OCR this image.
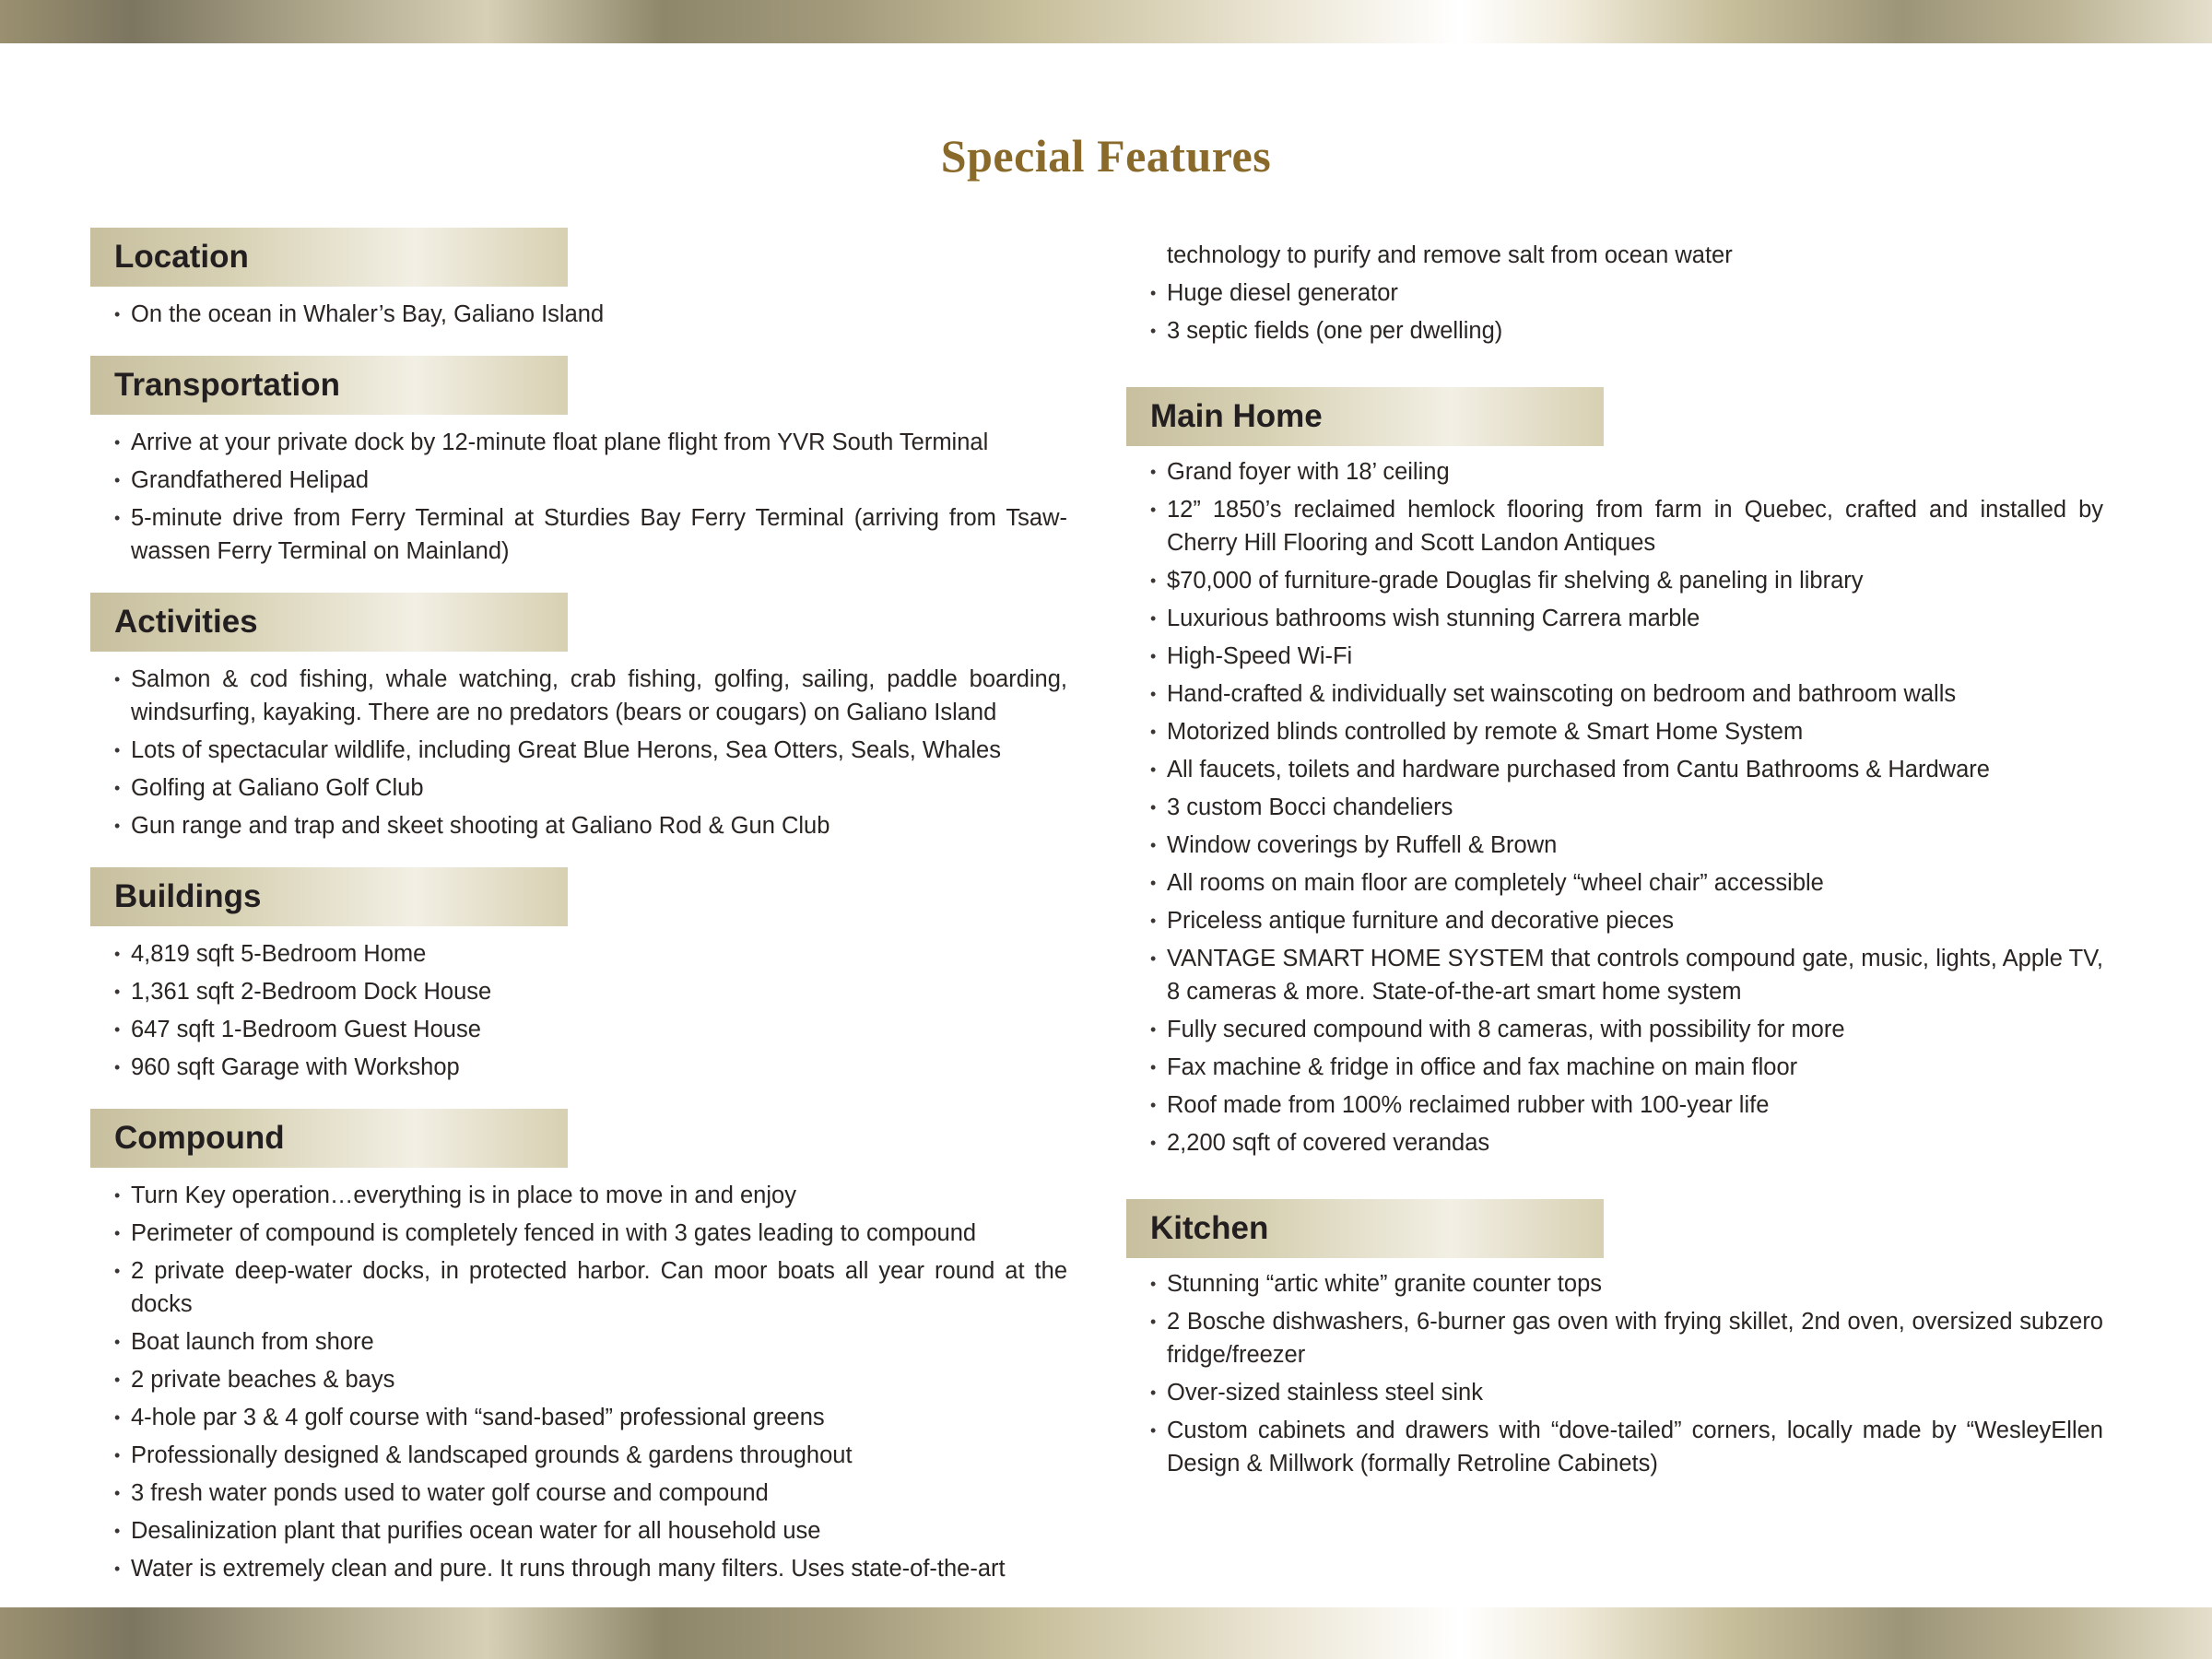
Special Features
Location
• On the ocean in Whaler’s Bay, Galiano Island
Transportation
• Arrive at your private dock by 12-minute float plane flight from YVR South Terminal
• Grandfathered Helipad
• 5-minute drive from Ferry Terminal at Sturdies Bay Ferry Terminal (arriving from Tsaw-wassen Ferry Terminal on Mainland)
Activities
• Salmon & cod fishing, whale watching, crab fishing, golfing, sailing, paddle boarding, windsurfing, kayaking. There are no predators (bears or cougars) on Galiano Island
• Lots of spectacular wildlife, including Great Blue Herons, Sea Otters, Seals, Whales
• Golfing at Galiano Golf Club
• Gun range and trap and skeet shooting at Galiano Rod & Gun Club
Buildings
• 4,819 sqft 5-Bedroom Home
• 1,361 sqft 2-Bedroom Dock House
• 647 sqft 1-Bedroom Guest House
• 960 sqft Garage with Workshop
Compound
• Turn Key operation…everything is in place to move in and enjoy
• Perimeter of compound is completely fenced in with 3 gates leading to compound
• 2 private deep-water docks, in protected harbor. Can moor boats all year round at the docks
• Boat launch from shore
• 2 private beaches & bays
• 4-hole par 3 & 4 golf course with “sand-based” professional greens
• Professionally designed & landscaped grounds & gardens throughout
• 3 fresh water ponds used to water golf course and compound
• Desalinization plant that purifies ocean water for all household use
• Water is extremely clean and pure. It runs through many filters. Uses state-of-the-art
technology to purify and remove salt from ocean water
• Huge diesel generator
• 3 septic fields (one per dwelling)
Main Home
• Grand foyer with 18’ ceiling
• 12” 1850’s reclaimed hemlock flooring from farm in Quebec, crafted and installed by Cherry Hill Flooring and Scott Landon Antiques
• $70,000 of furniture-grade Douglas fir shelving & paneling in library
• Luxurious bathrooms wish stunning Carrera marble
• High-Speed Wi-Fi
• Hand-crafted & individually set wainscoting on bedroom and bathroom walls
• Motorized blinds controlled by remote & Smart Home System
• All faucets, toilets and hardware purchased from Cantu Bathrooms & Hardware
• 3 custom Bocci chandeliers
• Window coverings by Ruffell & Brown
• All rooms on main floor are completely “wheel chair” accessible
• Priceless antique furniture and decorative pieces
• VANTAGE SMART HOME SYSTEM that controls compound gate, music, lights, Apple TV, 8 cameras & more. State-of-the-art smart home system
• Fully secured compound with 8 cameras, with possibility for more
• Fax machine & fridge in office and fax machine on main floor
• Roof made from 100% reclaimed rubber with 100-year life
• 2,200 sqft of covered verandas
Kitchen
• Stunning “artic white” granite counter tops
• 2 Bosche dishwashers, 6-burner gas oven with frying skillet, 2nd oven, oversized subzero fridge/freezer
• Over-sized stainless steel sink
• Custom cabinets and drawers with “dove-tailed” corners, locally made by “WesleyEllen Design & Millwork (formally Retroline Cabinets)
